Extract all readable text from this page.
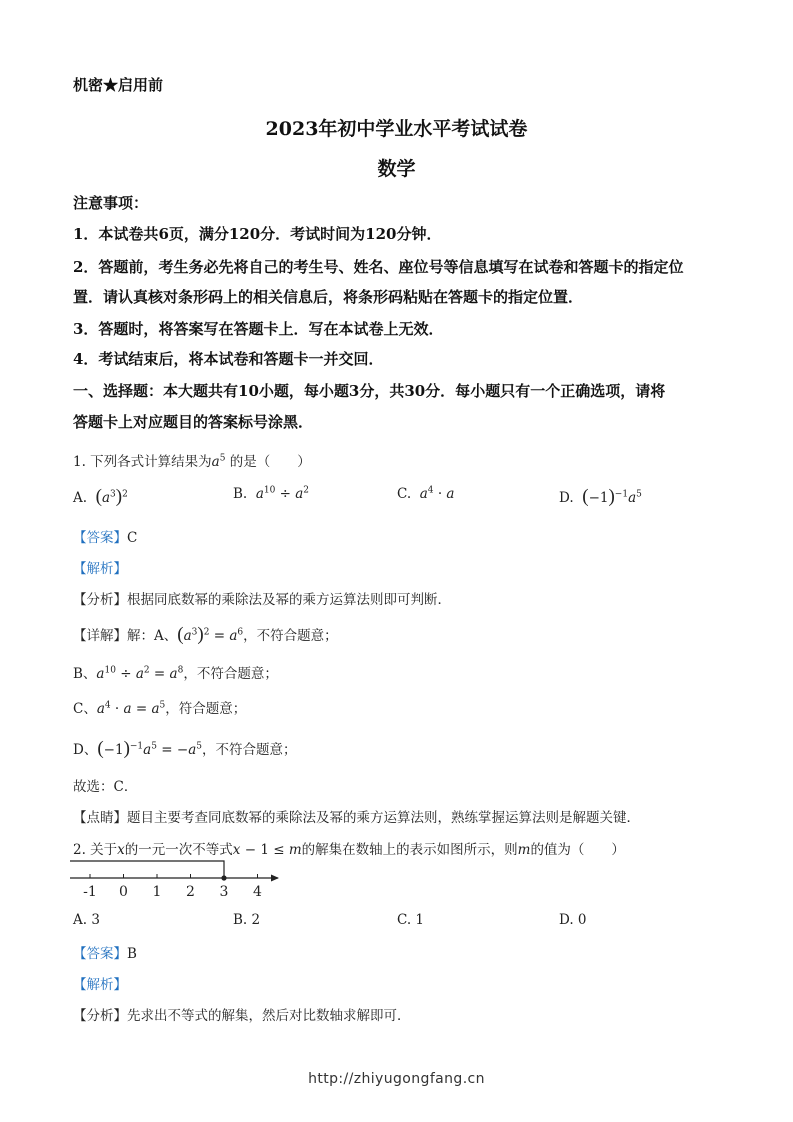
机密★启用前
2023年初中学业水平考试试卷
数学
注意事项：
1．本试卷共6页，满分120分．考试时间为120分钟．
2．答题前，考生务必先将自己的考生号、姓名、座位号等信息填写在试卷和答题卡的指定位
置．请认真核对条形码上的相关信息后，将条形码粘贴在答题卡的指定位置．
3．答题时，将答案写在答题卡上．写在本试卷上无效．
4．考试结束后，将本试卷和答题卡一并交回．
一、选择题：本大题共有10小题，每小题3分，共30分．每小题只有一个正确选项，请将
答题卡上对应题目的答案标号涂黑．
1. 下列各式计算结果为$a^5$ 的是（　　）
A. $(a^3)^2$	B. $a^{10} \div a^2$	C. $a^4 \cdot a$	D. $(-1)^{-1}a^5$
【答案】C
【解析】
【分析】根据同底数幂的乘除法及幂的乘方运算法则即可判断．
【详解】解：A、$(a^3)^2 = a^6$，不符合题意；
B、$a^{10} \div a^2 = a^8$，不符合题意；
C、$a^4 \cdot a = a^5$，符合题意；
D、$(-1)^{-1}a^5 = -a^5$，不符合题意；
故选：C．
【点睛】题目主要考查同底数幂的乘除法及幂的乘方运算法则，熟练掌握运算法则是解题关键．
2. 关于x的一元一次不等式x − 1 ≤ m的解集在数轴上的表示如图所示，则m的值为（　　）
-1 0 1 2 3 4
A. 3	B. 2	C. 1	D. 0
【答案】B
【解析】
【分析】先求出不等式的解集，然后对比数轴求解即可．
http://zhiyugongfang.cn
